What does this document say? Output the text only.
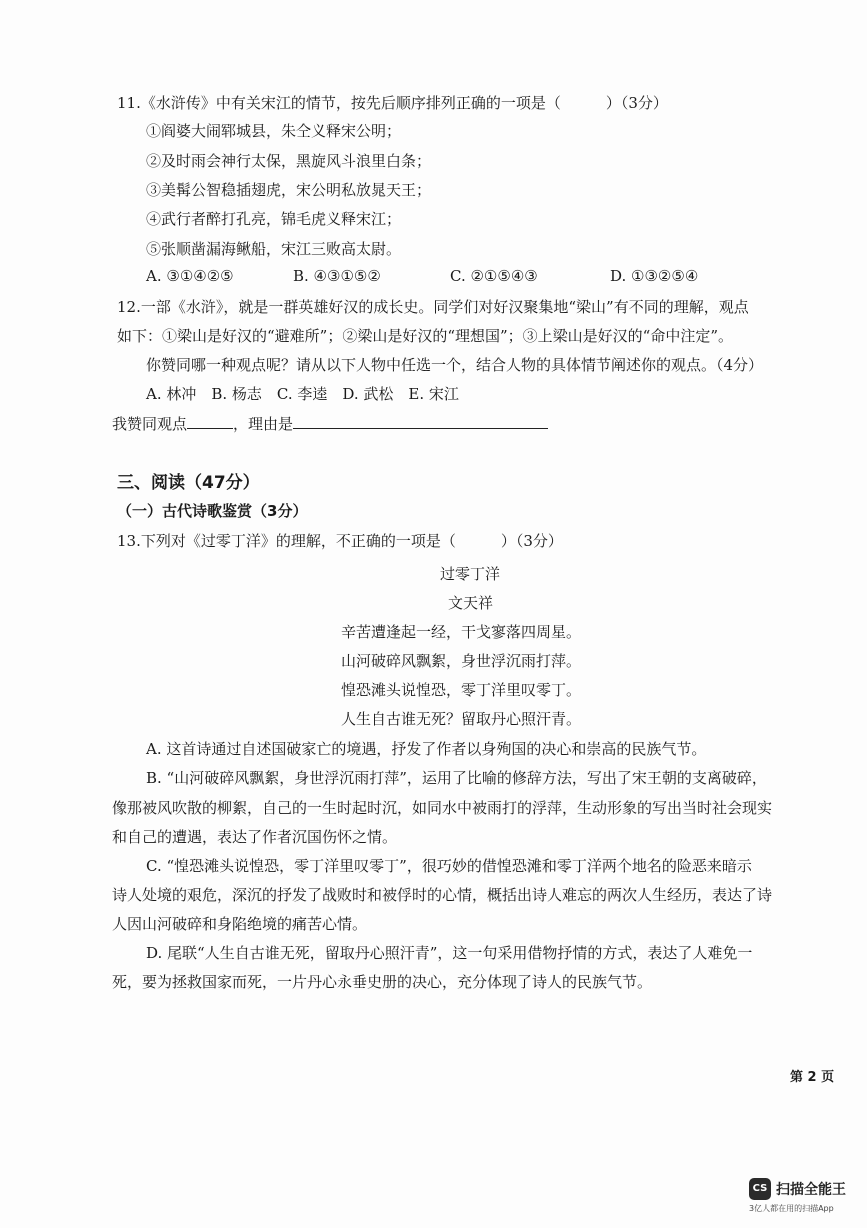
11.《水浒传》中有关宋江的情节，按先后顺序排列正确的一项是（　　　）（3分）
①阎婆大闹郓城县，朱仝义释宋公明；
②及时雨会神行太保，黑旋风斗浪里白条；
③美髯公智稳插翅虎，宋公明私放晁天王；
④武行者醉打孔亮，锦毛虎义释宋江；
⑤张顺凿漏海鳅船，宋江三败高太尉。
A. ③①④②⑤	B. ④③①⑤②	C. ②①⑤④③	D. ①③②⑤④
12.一部《水浒》，就是一群英雄好汉的成长史。同学们对好汉聚集地“梁山”有不同的理解，观点
如下：①梁山是好汉的“避难所”；②梁山是好汉的“理想国”；③上梁山是好汉的“命中注定”。
你赞同哪一种观点呢？请从以下人物中任选一个，结合人物的具体情节阐述你的观点。（4分）
A. 林冲　B. 杨志　C. 李逵　D. 武松　E. 宋江
我赞同观点	，理由是
三、阅读（47分）
（一）古代诗歌鉴赏（3分）
13.下列对《过零丁洋》的理解，不正确的一项是（　　　）（3分）
过零丁洋
文天祥
辛苦遭逢起一经，干戈寥落四周星。
山河破碎风飘絮，身世浮沉雨打萍。
惶恐滩头说惶恐，零丁洋里叹零丁。
人生自古谁无死？留取丹心照汗青。
A. 这首诗通过自述国破家亡的境遇，抒发了作者以身殉国的决心和崇高的民族气节。
B. “山河破碎风飘絮，身世浮沉雨打萍”，运用了比喻的修辞方法，写出了宋王朝的支离破碎，
像那被风吹散的柳絮，自己的一生时起时沉，如同水中被雨打的浮萍，生动形象的写出当时社会现实
和自己的遭遇，表达了作者沉国伤怀之情。
C. “惶恐滩头说惶恐，零丁洋里叹零丁”，很巧妙的借惶恐滩和零丁洋两个地名的险恶来暗示
诗人处境的艰危，深沉的抒发了战败时和被俘时的心情，概括出诗人难忘的两次人生经历，表达了诗
人因山河破碎和身陷绝境的痛苦心情。
D. 尾联“人生自古谁无死，留取丹心照汗青”，这一句采用借物抒情的方式，表达了人难免一
死，要为拯救国家而死，一片丹心永垂史册的决心，充分体现了诗人的民族气节。
第 2 页
CS 扫描全能王
3亿人都在用的扫描App
